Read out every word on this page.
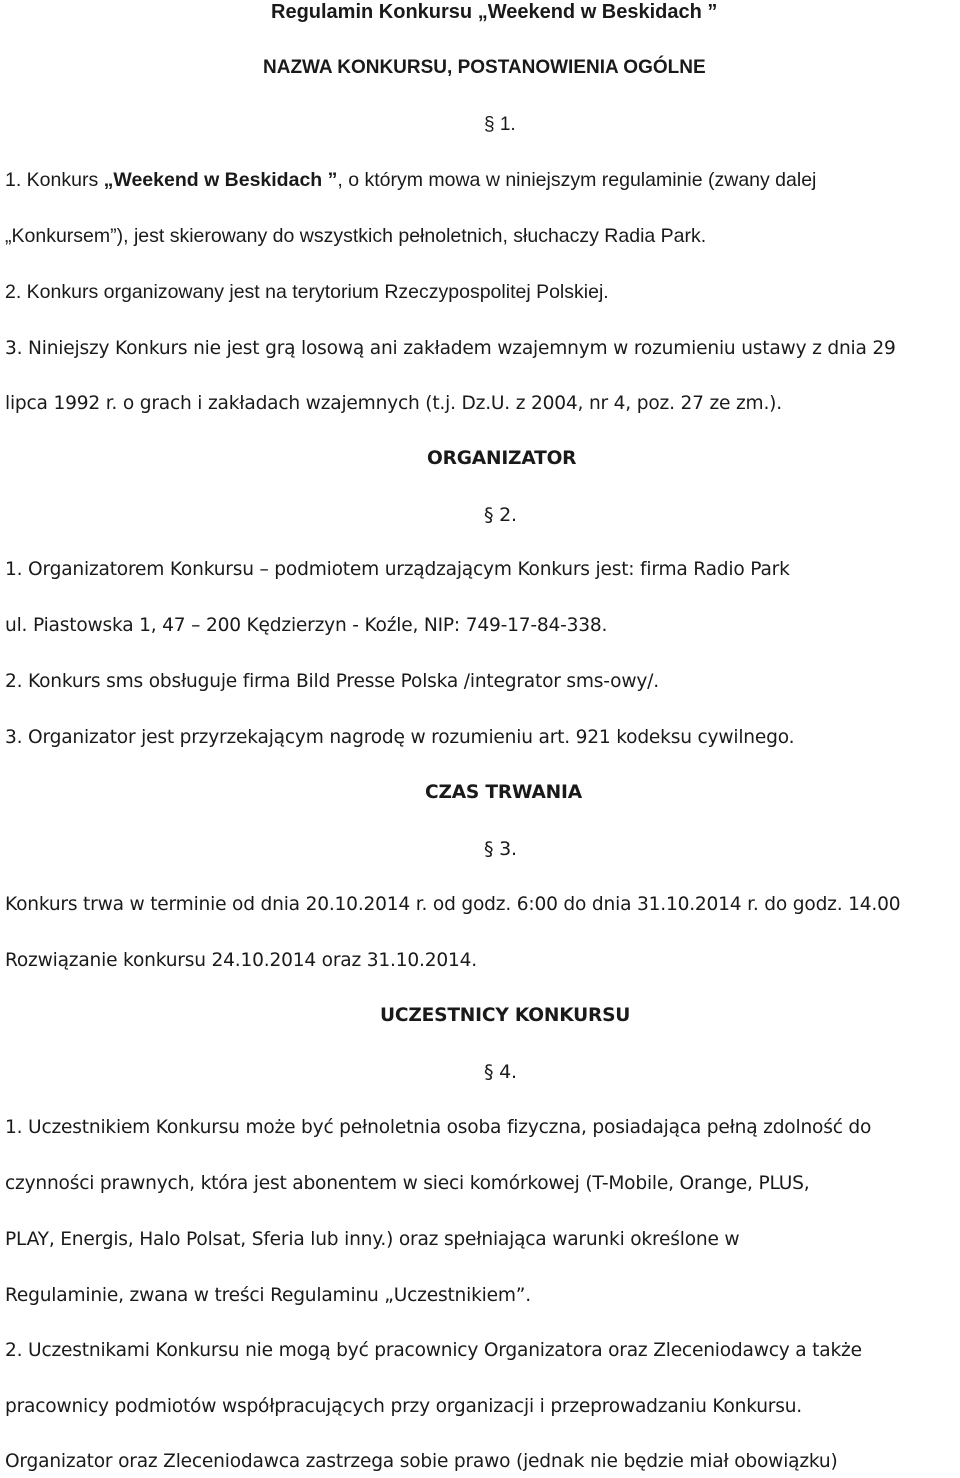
Regulamin Konkursu „Weekend w Beskidach ”
NAZWA KONKURSU, POSTANOWIENIA OGÓLNE
§ 1.
1. Konkurs „Weekend w Beskidach ”, o którym mowa w niniejszym regulaminie (zwany dalej
„Konkursem”), jest skierowany do wszystkich pełnoletnich, słuchaczy Radia Park.
2. Konkurs organizowany jest na terytorium Rzeczypospolitej Polskiej.
3. Niniejszy Konkurs nie jest grą losową ani zakładem wzajemnym w rozumieniu ustawy z dnia 29
lipca 1992 r. o grach i zakładach wzajemnych (t.j. Dz.U. z 2004, nr 4, poz. 27 ze zm.).
ORGANIZATOR
§ 2.
1. Organizatorem Konkursu – podmiotem urządzającym Konkurs jest: firma Radio Park
ul. Piastowska 1, 47 – 200 Kędzierzyn - Koźle, NIP: 749-17-84-338.
2. Konkurs sms obsługuje firma Bild Presse Polska /integrator sms-owy/.
3. Organizator jest przyrzekającym nagrodę w rozumieniu art. 921 kodeksu cywilnego.
CZAS TRWANIA
§ 3.
Konkurs trwa w terminie od dnia 20.10.2014 r. od godz. 6:00 do dnia 31.10.2014 r. do godz. 14.00
Rozwiązanie konkursu 24.10.2014 oraz 31.10.2014.
UCZESTNICY KONKURSU
§ 4.
1. Uczestnikiem Konkursu może być pełnoletnia osoba fizyczna, posiadająca pełną zdolność do
czynności prawnych, która jest abonentem w sieci komórkowej (T-Mobile, Orange, PLUS,
PLAY, Energis, Halo Polsat, Sferia lub inny.) oraz spełniająca warunki określone w
Regulaminie, zwana w treści Regulaminu „Uczestnikiem”.
2. Uczestnikami Konkursu nie mogą być pracownicy Organizatora oraz Zleceniodawcy a także
pracownicy podmiotów współpracujących przy organizacji i przeprowadzaniu Konkursu.
Organizator oraz Zleceniodawca zastrzega sobie prawo (jednak nie będzie miał obowiązku)
